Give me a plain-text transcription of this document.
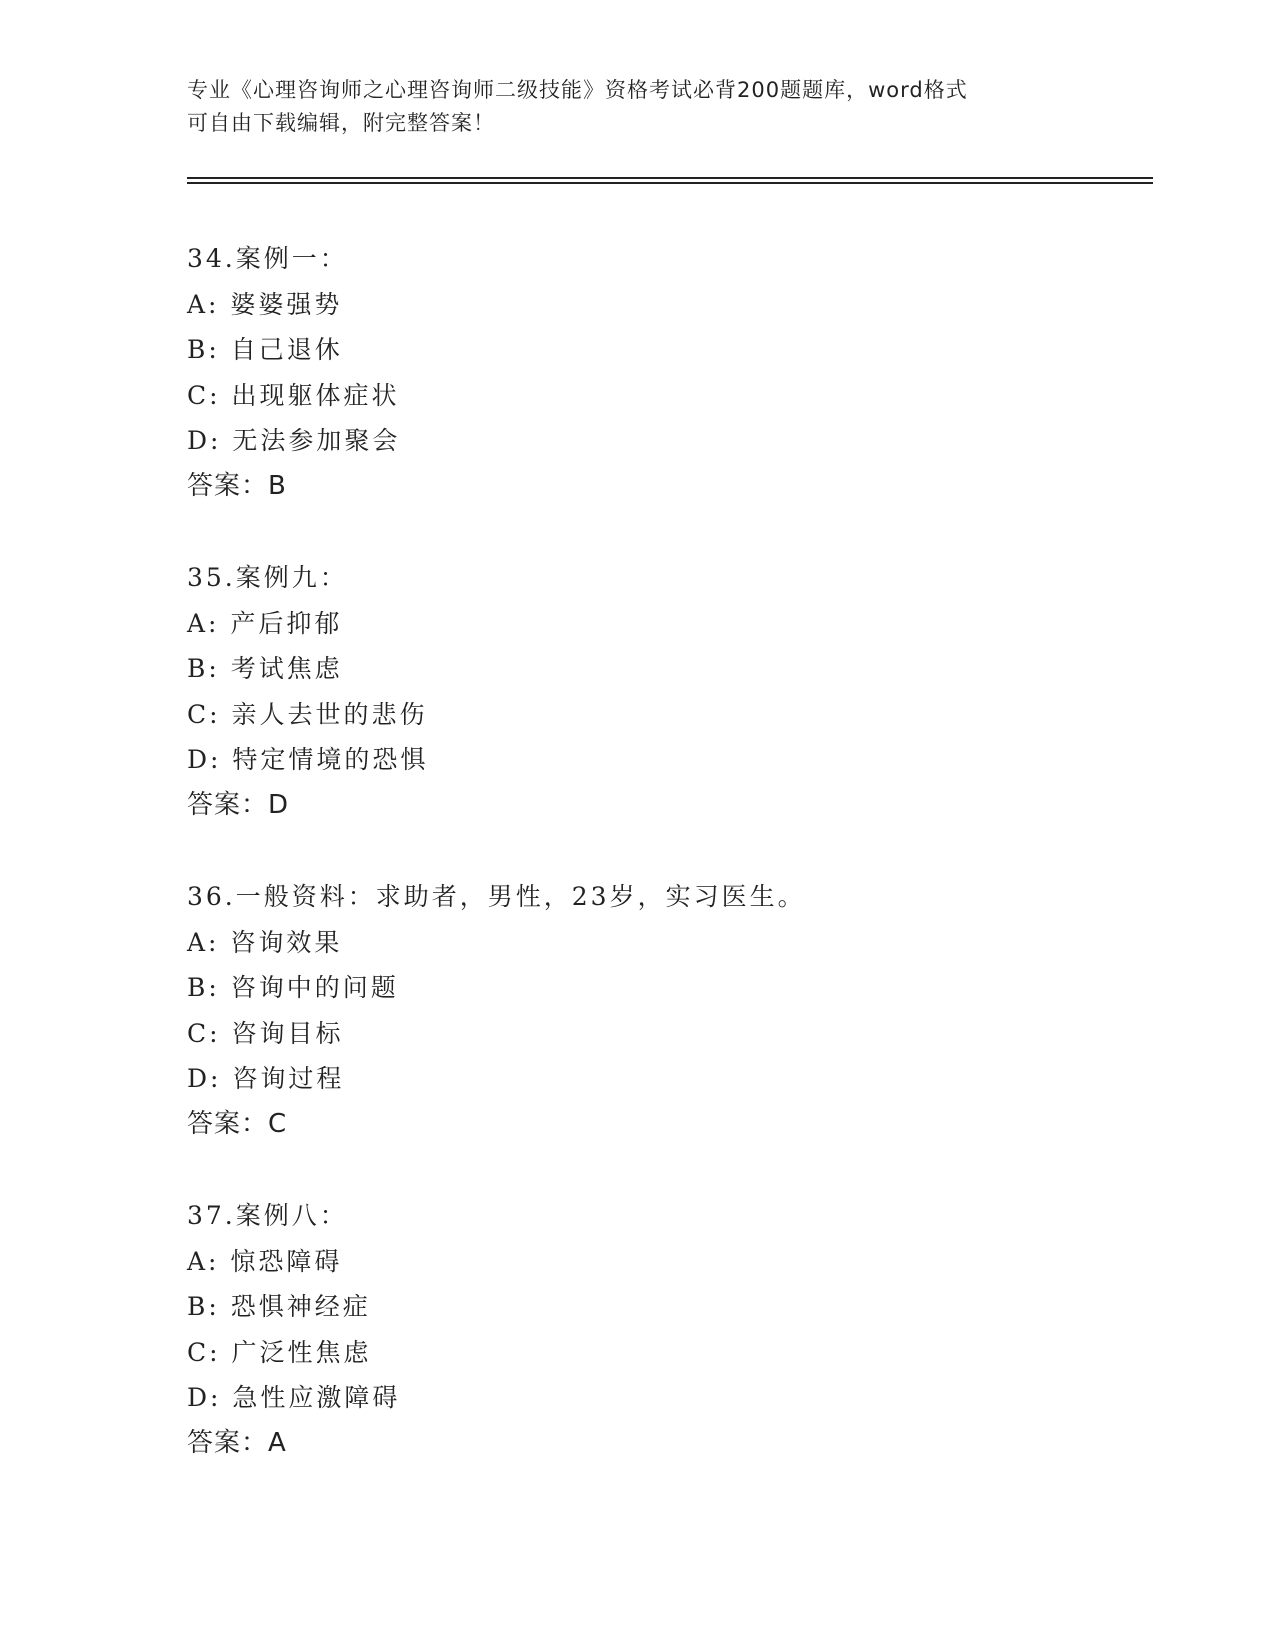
专业《心理咨询师之心理咨询师二级技能》资格考试必背200题题库，word格式
可自由下载编辑，附完整答案！
34.案例一：
A: 婆婆强势
B: 自己退休
C: 出现躯体症状
D: 无法参加聚会
答案：B
35.案例九：
A: 产后抑郁
B: 考试焦虑
C: 亲人去世的悲伤
D: 特定情境的恐惧
答案：D
36.一般资料：求助者，男性，23岁，实习医生。
A: 咨询效果
B: 咨询中的问题
C: 咨询目标
D: 咨询过程
答案：C
37.案例八：
A: 惊恐障碍
B: 恐惧神经症
C: 广泛性焦虑
D: 急性应激障碍
答案：A
